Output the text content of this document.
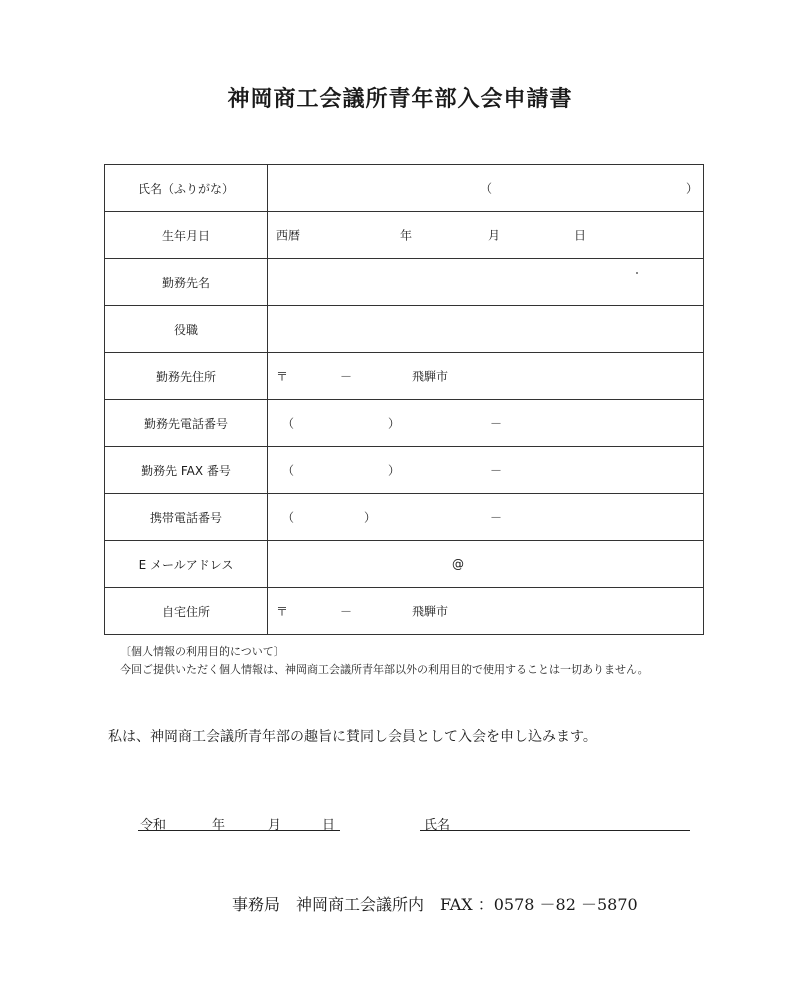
神岡商工会議所青年部入会申請書
氏名（ふりがな）	（ ）

生年月日	西暦 年 月 日

勤務先名	
役職	
勤務先住所	〒 － 飛騨市

勤務先電話番号	（ ） －

勤務先 FAX 番号	（ ） －

携帯電話番号	（ ） －

E メールアドレス	@

自宅住所	〒 － 飛騨市
〔個人情報の利用目的について〕
今回ご提供いただく個人情報は、神岡商工会議所青年部以外の利用目的で使用することは一切ありません。
私は、神岡商工会議所青年部の趣旨に賛同し会員として入会を申し込みます。
令和	年	月	日	氏名
事務局　神岡商工会議所内　FAX ：0578 －82 －5870
